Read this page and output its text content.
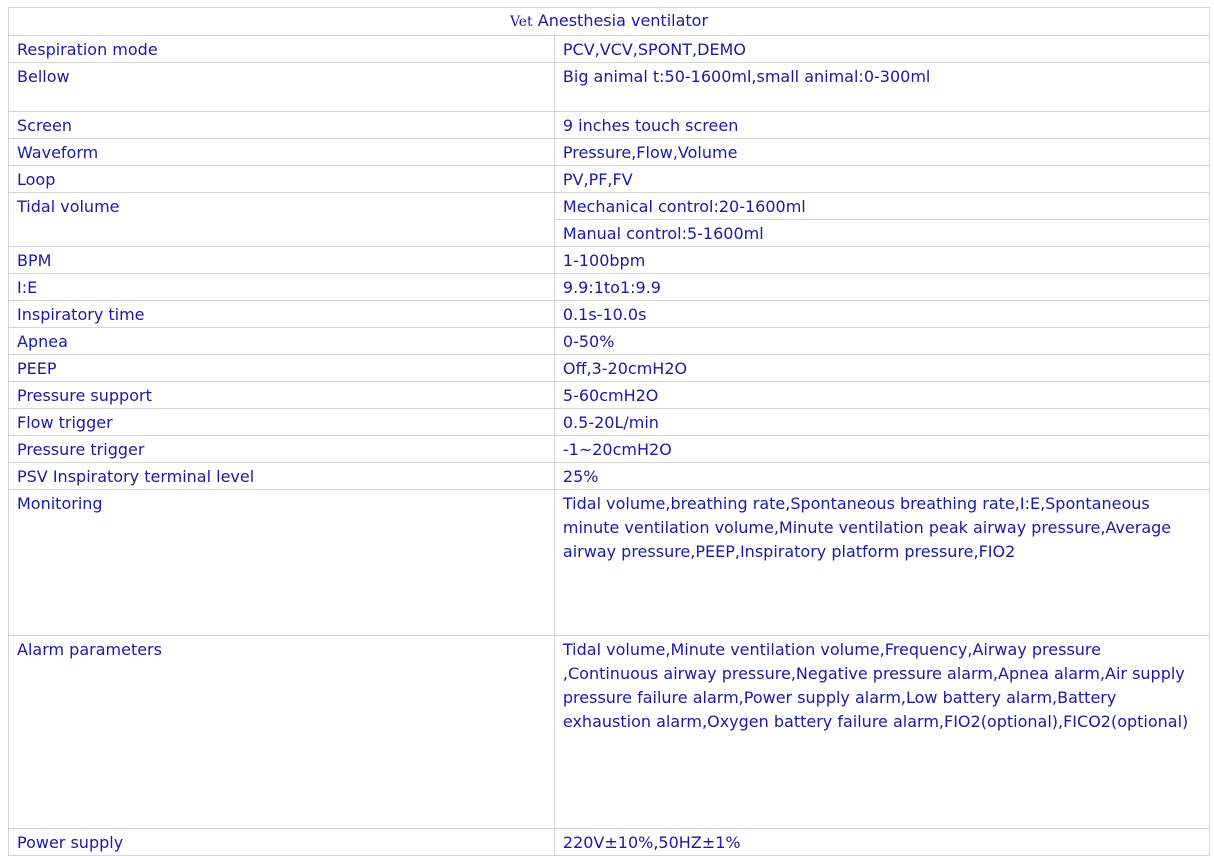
Vet Anesthesia ventilator	
Respiration mode	PCV,VCV,SPONT,DEMO
Bellow	Big animal t:50-1600ml,small animal:0-300ml
Screen	9 inches touch screen
Waveform	Pressure,Flow,Volume
Loop	PV,PF,FV
Tidal volume	Mechanical control:20-1600ml
	Manual control:5-1600ml
BPM	1-100bpm
I:E	9.9:1to1:9.9
Inspiratory time	0.1s-10.0s
Apnea	0-50%
PEEP	Off,3-20cmH2O
Pressure support	5-60cmH2O
Flow trigger	0.5-20L/min
Pressure trigger	-1~20cmH2O
PSV Inspiratory terminal level	25%
Monitoring	Tidal volume,breathing rate,Spontaneous breathing rate,I:E,Spontaneous minute ventilation volume,Minute ventilation peak airway pressure,Average airway pressure,PEEP,Inspiratory platform pressure,FIO2
Alarm parameters	Tidal volume,Minute ventilation volume,Frequency,Airway pressure ,Continuous airway pressure,Negative pressure alarm,Apnea alarm,Air supply pressure failure alarm,Power supply alarm,Low battery alarm,Battery exhaustion alarm,Oxygen battery failure alarm,FIO2(optional),FICO2(optional)
Power supply	220V±10%,50HZ±1%
